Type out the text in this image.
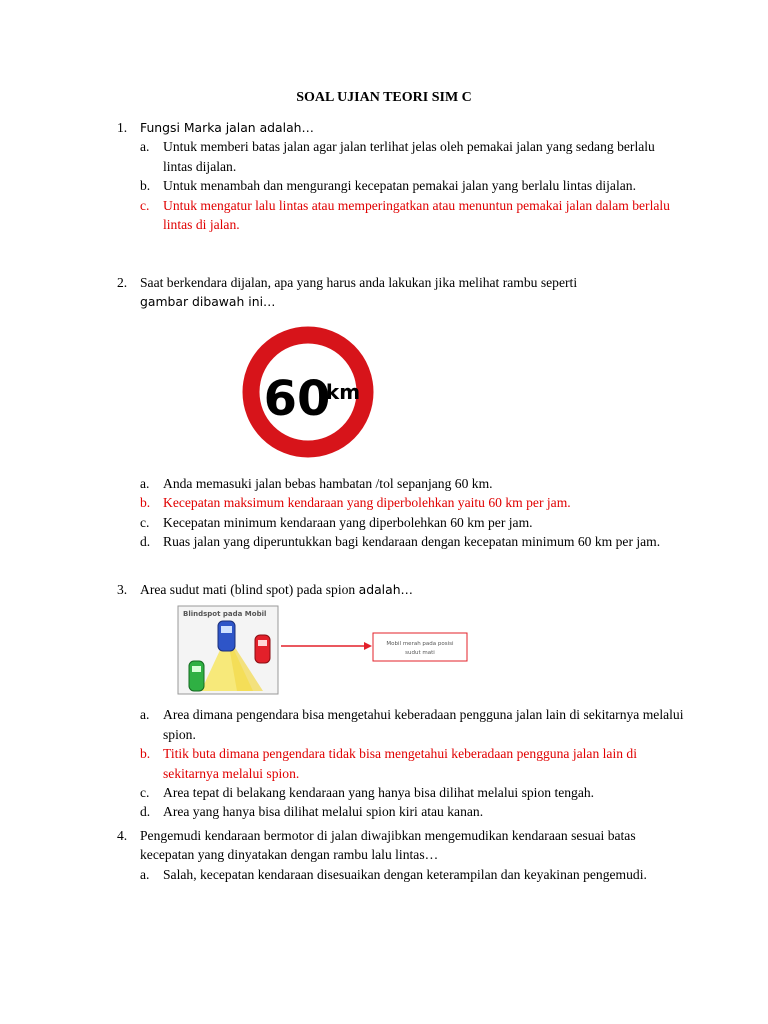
SOAL UJIAN TEORI SIM C
1.	Fungsi Marka jalan adalah…
a. Untuk memberi batas jalan agar jalan terlihat jelas oleh pemakai jalan yang sedang berlalu lintas dijalan.
b. Untuk menambah dan mengurangi kecepatan pemakai jalan yang berlalu lintas dijalan.
c. Untuk mengatur lalu lintas atau memperingatkan atau menuntun pemakai jalan dalam berlalu lintas di jalan.
2. Saat berkendara dijalan, apa yang harus anda lakukan jika melihat rambu seperti
gambar dibawah ini…
60
km
a. Anda memasuki jalan bebas hambatan /tol sepanjang 60 km.
b. Kecepatan maksimum kendaraan yang diperbolehkan yaitu 60 km per jam.
c. Kecepatan minimum kendaraan yang diperbolehkan 60 km per jam.
d. Ruas jalan yang diperuntukkan bagi kendaraan dengan kecepatan minimum 60 km per jam.
3. Area sudut mati (blind spot) pada spion adalah…
Blindspot pada Mobil
Mobil merah pada posisi
sudut mati
a. Area dimana pengendara bisa mengetahui keberadaan pengguna jalan lain di sekitarnya melalui spion.
b. Titik buta dimana pengendara tidak bisa mengetahui keberadaan pengguna jalan lain di sekitarnya melalui spion.
c. Area tepat di belakang kendaraan yang hanya bisa dilihat melalui spion tengah.
d. Area yang hanya bisa dilihat melalui spion kiri atau kanan.
4. Pengemudi kendaraan bermotor di jalan diwajibkan mengemudikan kendaraan sesuai batas kecepatan yang dinyatakan dengan rambu lalu lintas…
a. Salah, kecepatan kendaraan disesuaikan dengan keterampilan dan keyakinan pengemudi.
